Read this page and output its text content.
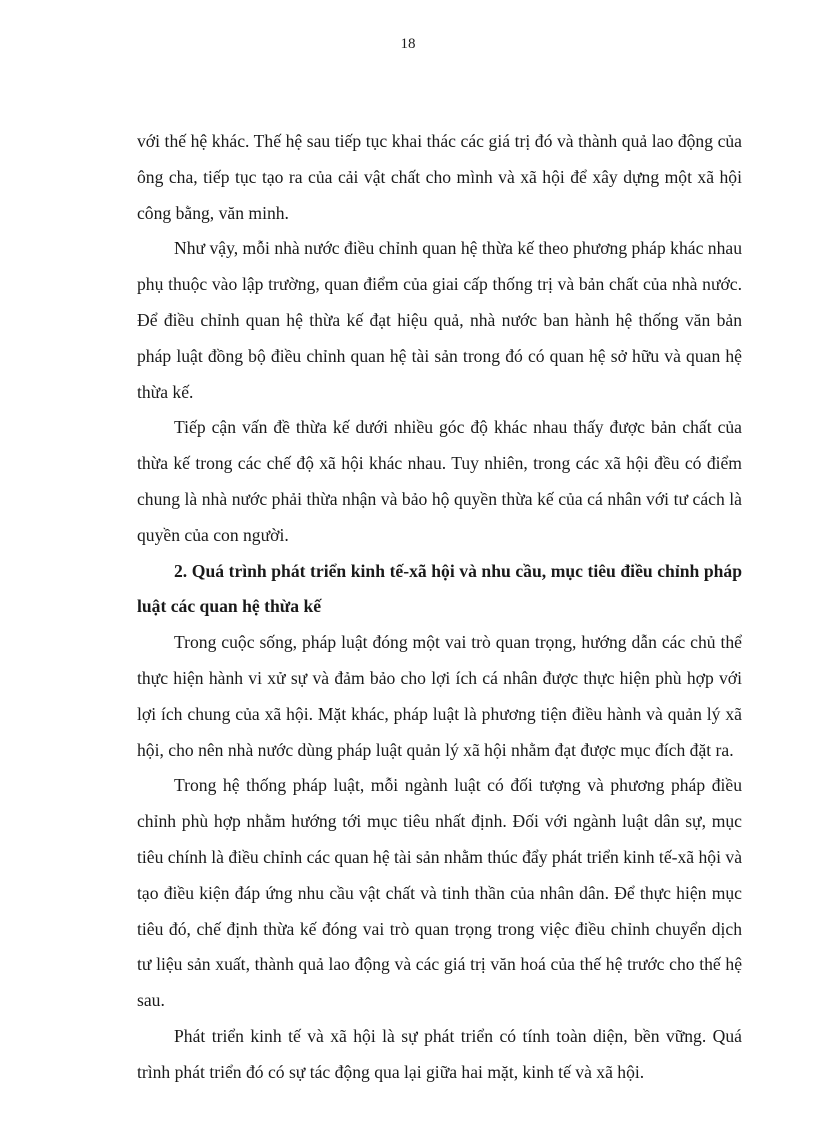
18

với thế hệ khác. Thế hệ sau tiếp tục khai thác các giá trị đó và thành quả lao động của ông cha, tiếp tục tạo ra của cải vật chất cho mình và xã hội để xây dựng một xã hội công bằng, văn minh.

Như vậy, mỗi nhà nước điều chỉnh quan hệ thừa kế theo phương pháp khác nhau phụ thuộc vào lập trường, quan điểm của giai cấp thống trị và bản chất của nhà nước. Để điều chỉnh quan hệ thừa kế đạt hiệu quả, nhà nước ban hành hệ thống văn bản pháp luật đồng bộ điều chỉnh quan hệ tài sản trong đó có quan hệ sở hữu và quan hệ thừa kế.

Tiếp cận vấn đề thừa kế dưới nhiều góc độ khác nhau thấy được bản chất của thừa kế trong các chế độ xã hội khác nhau. Tuy nhiên, trong các xã hội đều có điểm chung là nhà nước phải thừa nhận và bảo hộ quyền thừa kế của cá nhân với tư cách là quyền của con người.

2. Quá trình phát triển kinh tế-xã hội và nhu cầu, mục tiêu điều chỉnh pháp luật các quan hệ thừa kế

Trong cuộc sống, pháp luật đóng một vai trò quan trọng, hướng dẫn các chủ thể thực hiện hành vi xử sự và đảm bảo cho lợi ích cá nhân được thực hiện phù hợp với lợi ích chung của xã hội. Mặt khác, pháp luật là phương tiện điều hành và quản lý xã hội, cho nên nhà nước dùng pháp luật quản lý xã hội nhằm đạt được mục đích đặt ra.

Trong hệ thống pháp luật, mỗi ngành luật có đối tượng và phương pháp điều chỉnh phù hợp nhằm hướng tới mục tiêu nhất định. Đối với ngành luật dân sự, mục tiêu chính là điều chỉnh các quan hệ tài sản nhằm thúc đẩy phát triển kinh tế-xã hội và tạo điều kiện đáp ứng nhu cầu vật chất và tinh thần của nhân dân. Để thực hiện mục tiêu đó, chế định thừa kế đóng vai trò quan trọng trong việc điều chỉnh chuyển dịch tư liệu sản xuất, thành quả lao động và các giá trị văn hoá của thế hệ trước cho thế hệ sau.

Phát triển kinh tế và xã hội là sự phát triển có tính toàn diện, bền vững. Quá trình phát triển đó có sự tác động qua lại giữa hai mặt, kinh tế và xã hội.
